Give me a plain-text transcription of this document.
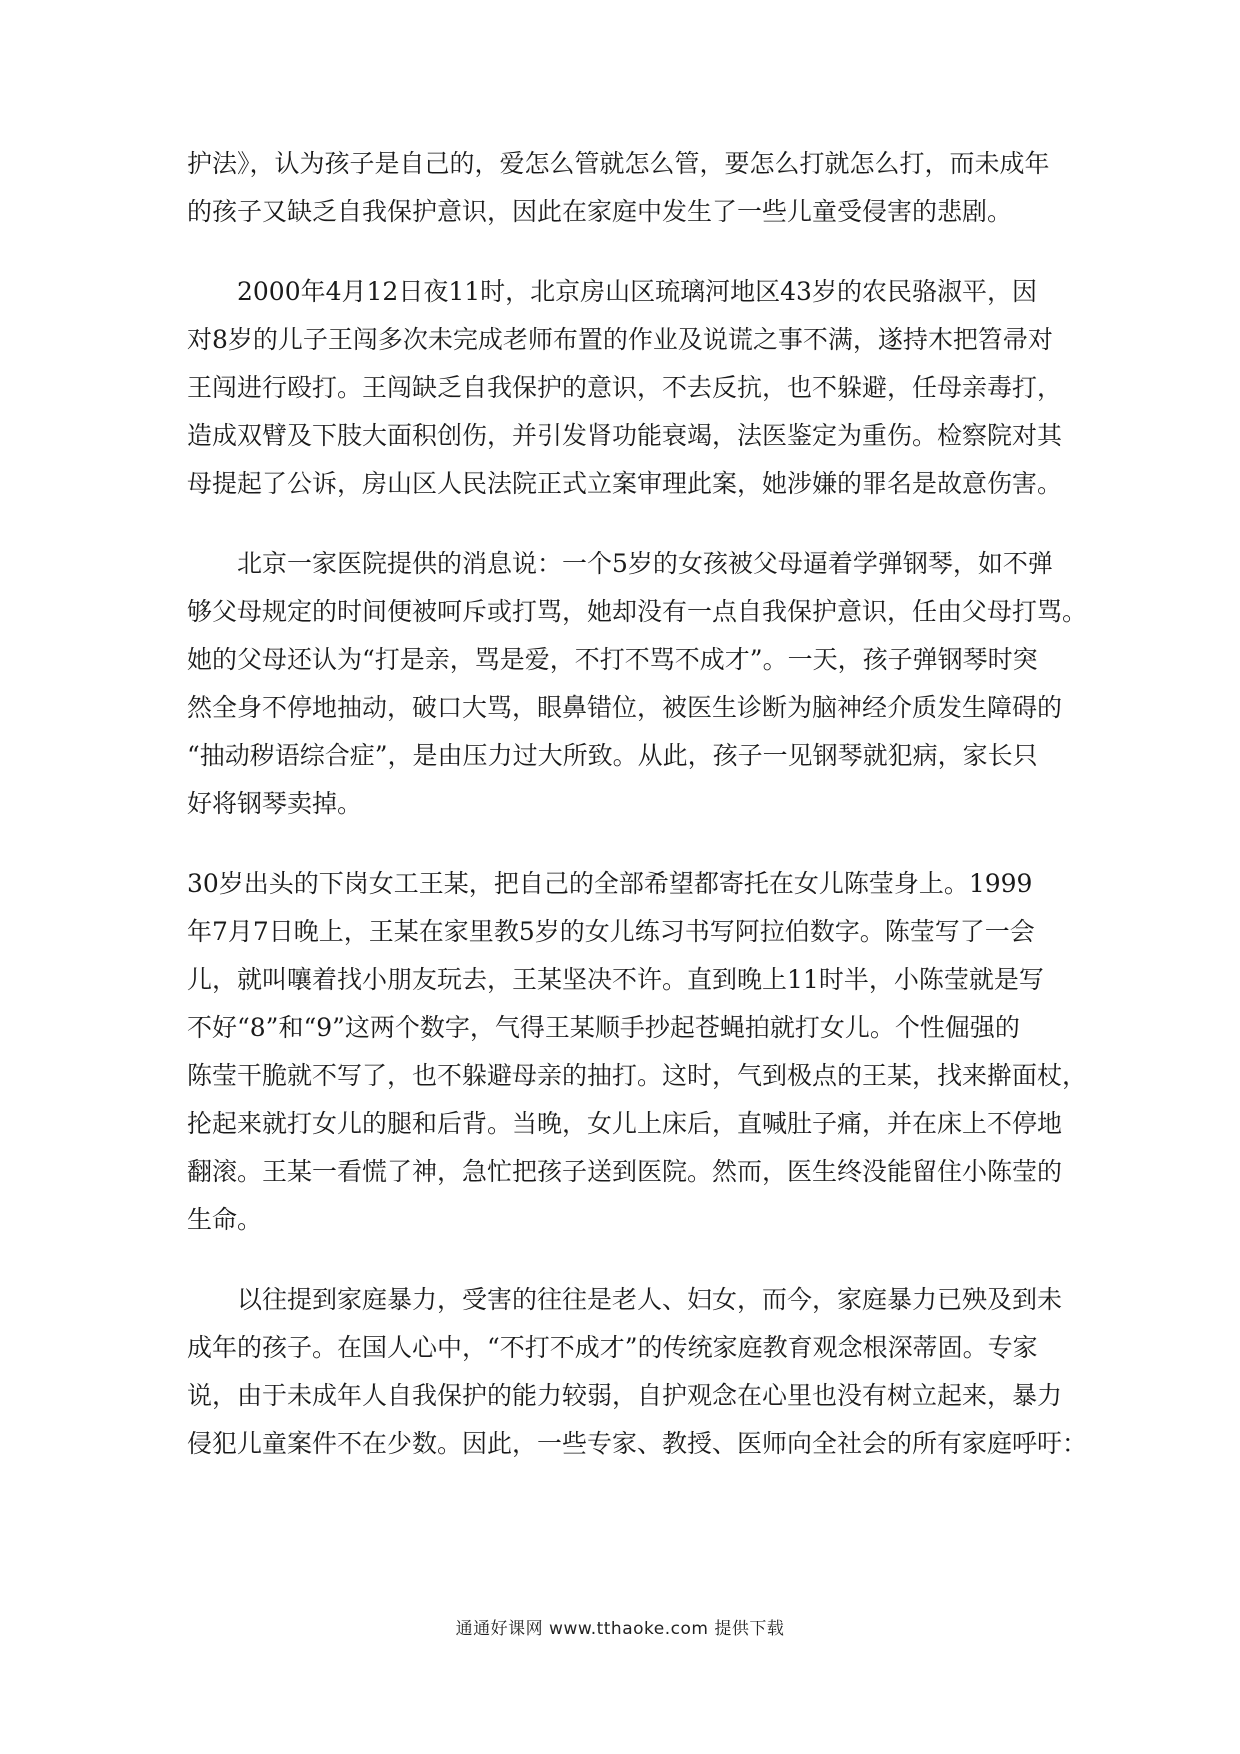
护法》，认为孩子是自己的，爱怎么管就怎么管，要怎么打就怎么打，而未成年
的孩子又缺乏自我保护意识，因此在家庭中发生了一些儿童受侵害的悲剧。

2000年4月12日夜11时，北京房山区琉璃河地区43岁的农民骆淑平，因
对8岁的儿子王闯多次未完成老师布置的作业及说谎之事不满，遂持木把笤帚对
王闯进行殴打。王闯缺乏自我保护的意识，不去反抗，也不躲避，任母亲毒打，
造成双臂及下肢大面积创伤，并引发肾功能衰竭，法医鉴定为重伤。检察院对其
母提起了公诉，房山区人民法院正式立案审理此案，她涉嫌的罪名是故意伤害。

北京一家医院提供的消息说：一个5岁的女孩被父母逼着学弹钢琴，如不弹
够父母规定的时间便被呵斥或打骂，她却没有一点自我保护意识，任由父母打骂。
她的父母还认为“打是亲，骂是爱，不打不骂不成才”。一天，孩子弹钢琴时突
然全身不停地抽动，破口大骂，眼鼻错位，被医生诊断为脑神经介质发生障碍的
“抽动秽语综合症”，是由压力过大所致。从此，孩子一见钢琴就犯病，家长只
好将钢琴卖掉。

30岁出头的下岗女工王某，把自己的全部希望都寄托在女儿陈莹身上。1999
年7月7日晚上，王某在家里教5岁的女儿练习书写阿拉伯数字。陈莹写了一会
儿，就叫嚷着找小朋友玩去，王某坚决不许。直到晚上11时半，小陈莹就是写
不好“8”和“9”这两个数字，气得王某顺手抄起苍蝇拍就打女儿。个性倔强的
陈莹干脆就不写了，也不躲避母亲的抽打。这时，气到极点的王某，找来擀面杖，
抡起来就打女儿的腿和后背。当晚，女儿上床后，直喊肚子痛，并在床上不停地
翻滚。王某一看慌了神，急忙把孩子送到医院。然而，医生终没能留住小陈莹的
生命。

以往提到家庭暴力，受害的往往是老人、妇女，而今，家庭暴力已殃及到未
成年的孩子。在国人心中，“不打不成才”的传统家庭教育观念根深蒂固。专家
说，由于未成年人自我保护的能力较弱，自护观念在心里也没有树立起来，暴力
侵犯儿童案件不在少数。因此，一些专家、教授、医师向全社会的所有家庭呼吁：

通通好课网 www.tthaoke.com 提供下载
